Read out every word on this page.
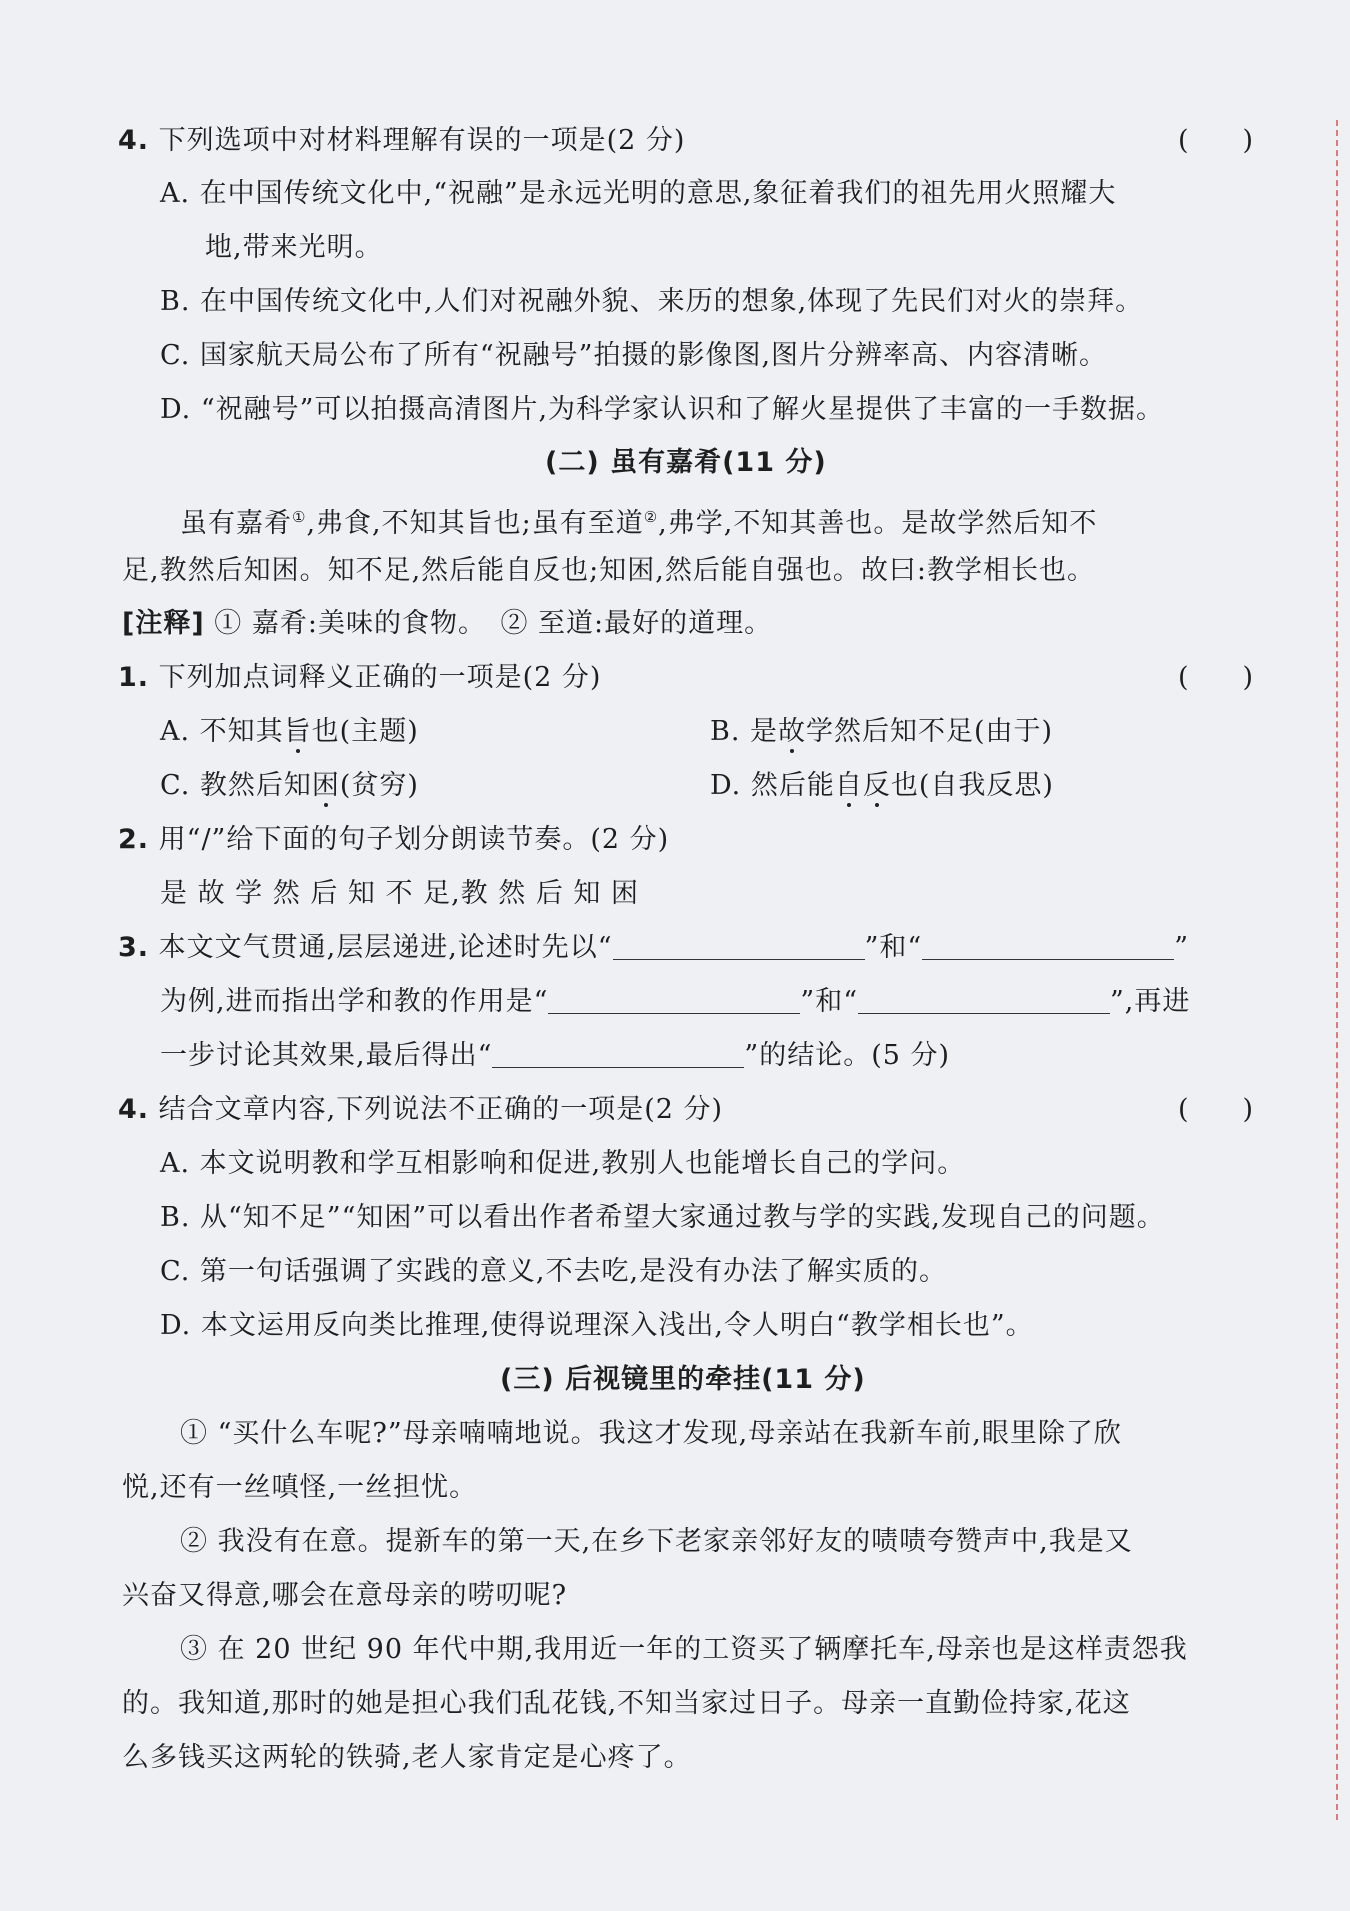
4. 下列选项中对材料理解有误的一项是(2 分)	(　　)
A. 在中国传统文化中,“祝融”是永远光明的意思,象征着我们的祖先用火照耀大
地,带来光明。
B. 在中国传统文化中,人们对祝融外貌、来历的想象,体现了先民们对火的崇拜。
C. 国家航天局公布了所有“祝融号”拍摄的影像图,图片分辨率高、内容清晰。
D. “祝融号”可以拍摄高清图片,为科学家认识和了解火星提供了丰富的一手数据。
(二) 虽有嘉肴(11 分)
虽有嘉肴①,弗食,不知其旨也;虽有至道②,弗学,不知其善也。是故学然后知不
足,教然后知困。知不足,然后能自反也;知困,然后能自强也。故曰:教学相长也。
[注释] ① 嘉肴:美味的食物。　② 至道:最好的道理。
1. 下列加点词释义正确的一项是(2 分)	(　　)
A. 不知其旨也(主题)	B. 是故学然后知不足(由于)
C. 教然后知困(贫穷)	D. 然后能自反也(自我反思)
2. 用“/”给下面的句子划分朗读节奏。(2 分)
是 故 学 然 后 知 不 足,教 然 后 知 困
3. 本文文气贯通,层层递进,论述时先以“	”和“	”
为例,进而指出学和教的作用是“	”和“	”,再进
一步讨论其效果,最后得出“	”的结论。(5 分)
4. 结合文章内容,下列说法不正确的一项是(2 分)	(　　)
A. 本文说明教和学互相影响和促进,教别人也能增长自己的学问。
B. 从“知不足”“知困”可以看出作者希望大家通过教与学的实践,发现自己的问题。
C. 第一句话强调了实践的意义,不去吃,是没有办法了解实质的。
D. 本文运用反向类比推理,使得说理深入浅出,令人明白“教学相长也”。
(三) 后视镜里的牵挂(11 分)
① “买什么车呢?”母亲喃喃地说。我这才发现,母亲站在我新车前,眼里除了欣
悦,还有一丝嗔怪,一丝担忧。
② 我没有在意。提新车的第一天,在乡下老家亲邻好友的啧啧夸赞声中,我是又
兴奋又得意,哪会在意母亲的唠叨呢?
③ 在 20 世纪 90 年代中期,我用近一年的工资买了辆摩托车,母亲也是这样责怨我
的。我知道,那时的她是担心我们乱花钱,不知当家过日子。母亲一直勤俭持家,花这
么多钱买这两轮的铁骑,老人家肯定是心疼了。
